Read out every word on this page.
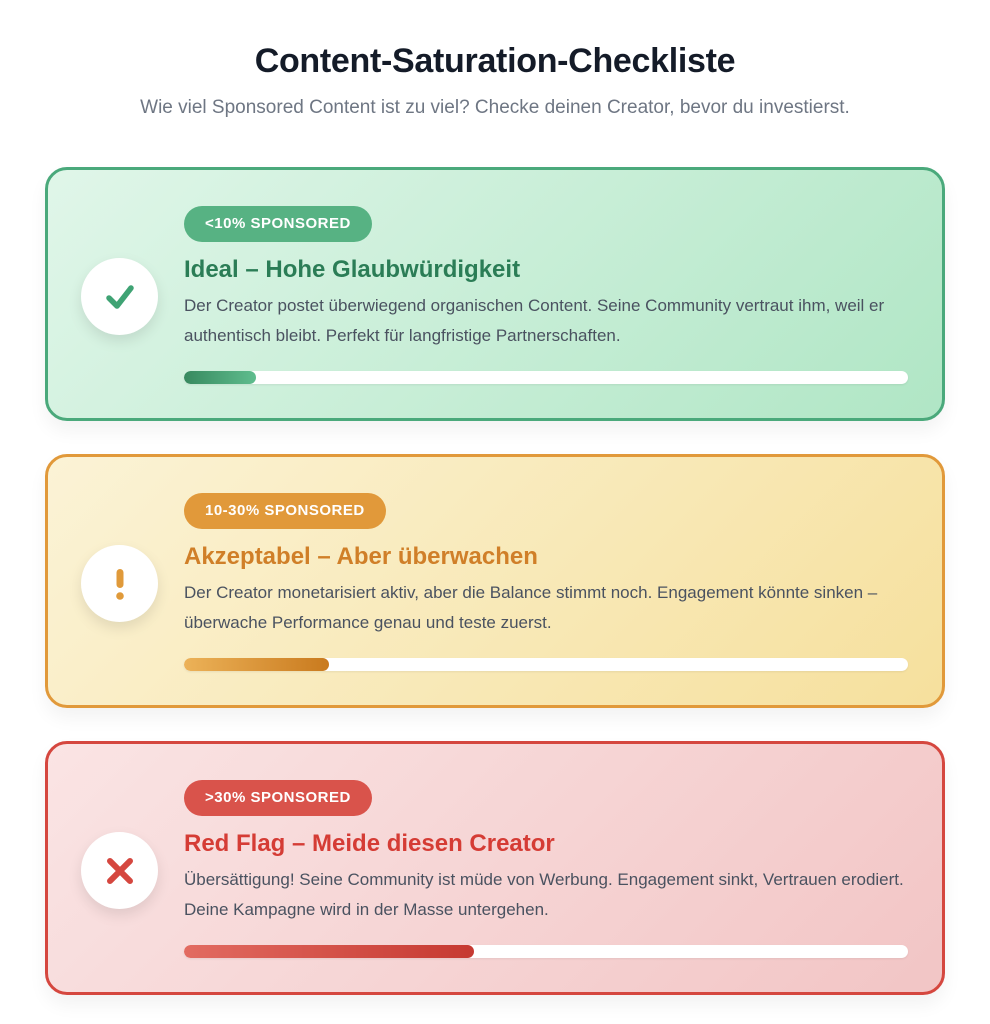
Content-Saturation-Checkliste

Wie viel Sponsored Content ist zu viel? Checke deinen Creator, bevor du investierst.

<10% SPONSORED
Ideal – Hohe Glaubwürdigkeit
Der Creator postet überwiegend organischen Content. Seine Community vertraut ihm, weil er authentisch bleibt. Perfekt für langfristige Partnerschaften.
10-30% SPONSORED
Akzeptabel – Aber überwachen
Der Creator monetarisiert aktiv, aber die Balance stimmt noch. Engagement könnte sinken – überwache Performance genau und teste zuerst.
>30% SPONSORED
Red Flag – Meide diesen Creator
Übersättigung! Seine Community ist müde von Werbung. Engagement sinkt, Vertrauen erodiert. Deine Kampagne wird in der Masse untergehen.
